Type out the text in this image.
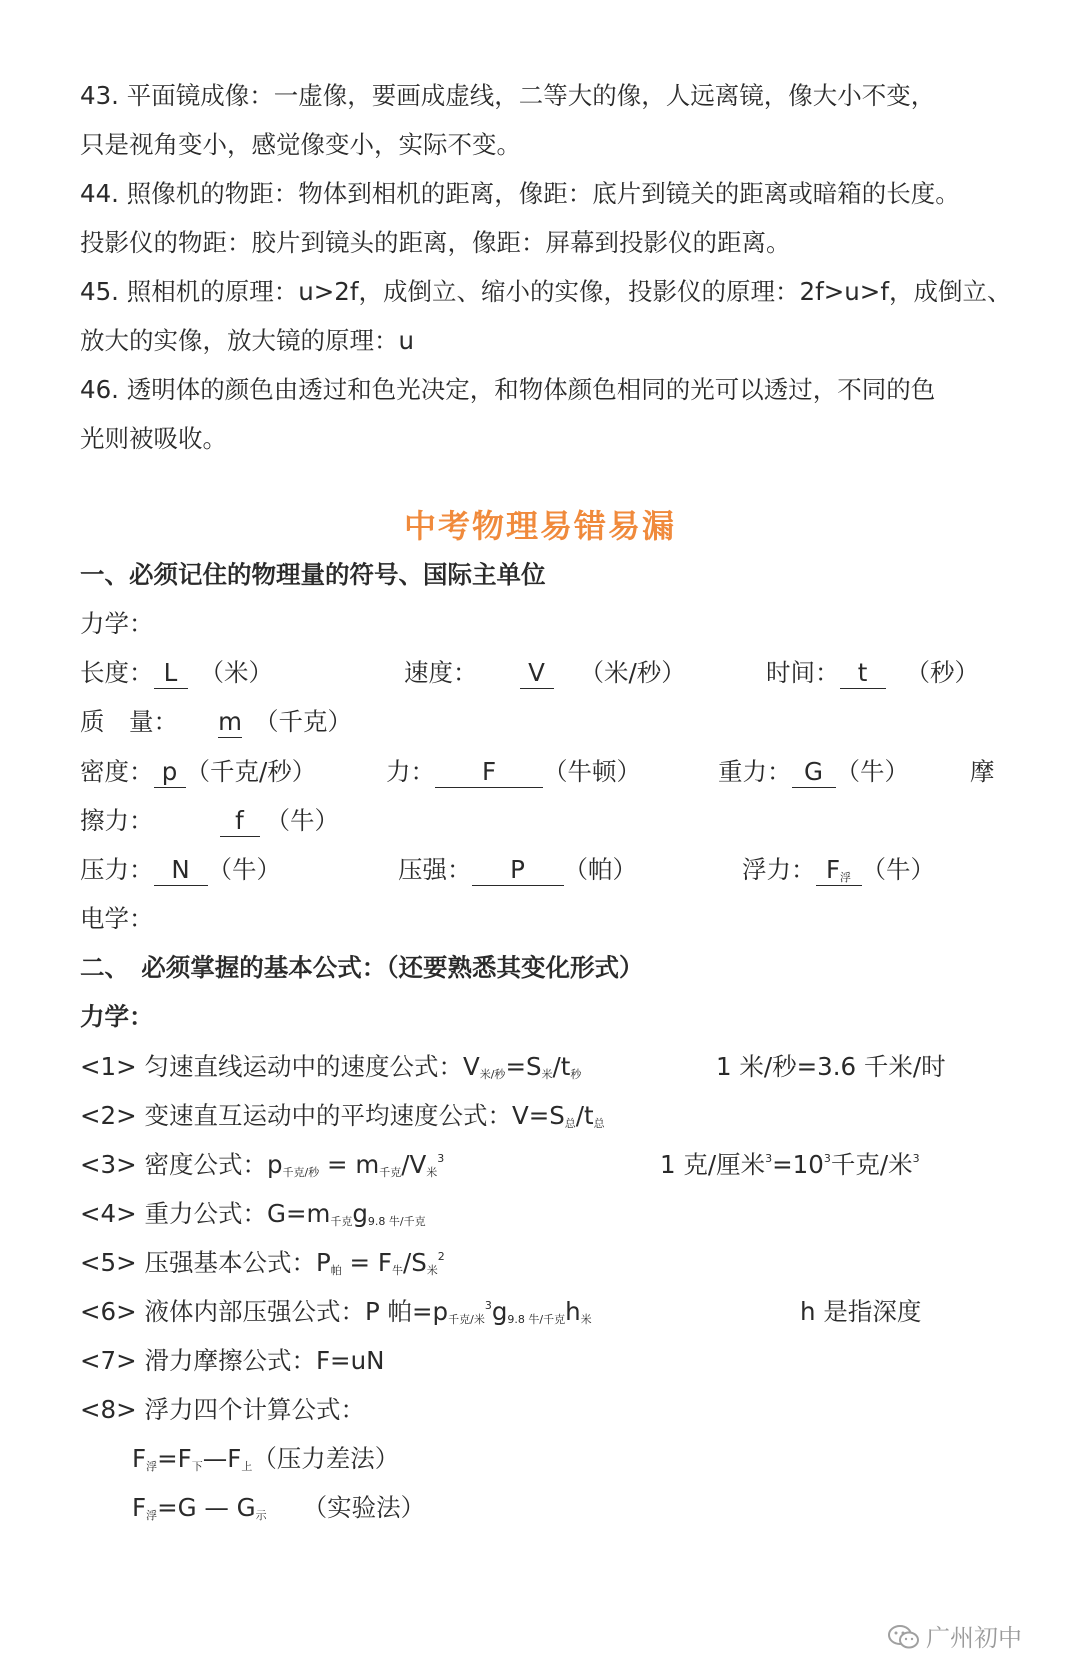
43. 平面镜成像：一虚像，要画成虚线，二等大的像，人远离镜，像大小不变，
只是视角变小，感觉像变小，实际不变。
44. 照像机的物距：物体到相机的距离，像距：底片到镜关的距离或暗箱的长度。
投影仪的物距：胶片到镜头的距离，像距：屏幕到投影仪的距离。
45. 照相机的原理：u>2f，成倒立、缩小的实像，投影仪的原理：2f>u>f，成倒立、
放大的实像，放大镜的原理：u
46. 透明体的颜色由透过和色光决定，和物体颜色相同的光可以透过，不同的色
光则被吸收。
中考物理易错易漏
一、必须记住的物理量的符号、国际主单位
力学：
长度： L （米）	速度： V （米/秒）	时间： t （秒）
质　量： m （千克）
密度： p （千克/秒）	力： F （牛顿）	重力： G （牛） 摩
擦力：	f （牛）
压力： N （牛）	压强： P （帕）	浮力： $F_浮$ （牛）
电学：
二、　必须掌握的基本公式：（还要熟悉其变化形式）
力学：
<1> 匀速直线运动中的速度公式：$V_{米/秒}=S_米/t_秒$	1 米/秒=3.6 千米/时
<2> 变速直互运动中的平均速度公式：$V=S_总/t_总$
<3> 密度公式：$p_{千克/秒} = m_{千克}/V_米^3$	1 克/厘米$^3=10^3$千克/米$^3$
<4> 重力公式：$G=m_{千克}g_{9.8 牛/千克}$
<5> 压强基本公式：$P_帕 = F_牛/S_米^2$
<6> 液体内部压强公式：P 帕$=p_{千克/米}^3g_{9.8 牛/千克}h_米$	h 是指深度
<7> 滑力摩擦公式：F=uN
<8> 浮力四个计算公式：
$F_浮=F_下—F_上$（压力差法）
$F_浮=G$ — $G_示$ （实验法）
广州初中
